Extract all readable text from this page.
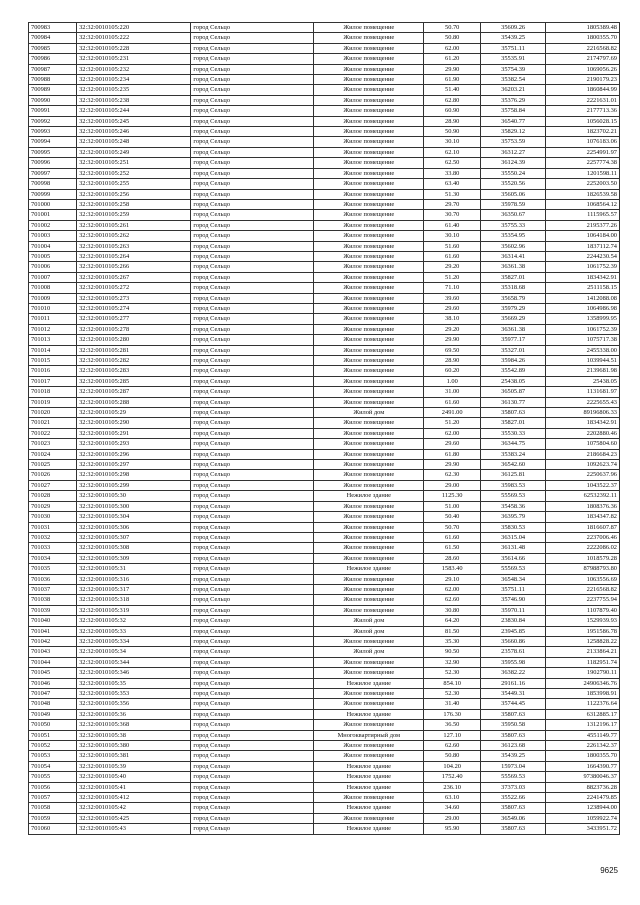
700983	32:32:0010105:220	город Сельцо	Жилое помещение	50.70	35609.26	1805389.48
700984	32:32:0010105:222	город Сельцо	Жилое помещение	50.80	35439.25	1800355.70
700985	32:32:0010105:228	город Сельцо	Жилое помещение	62.00	35751.11	2216568.82
700986	32:32:0010105:231	город Сельцо	Жилое помещение	61.20	35535.91	2174797.69
700987	32:32:0010105:232	город Сельцо	Жилое помещение	29.90	35754.39	1069056.26
700988	32:32:0010105:234	город Сельцо	Жилое помещение	61.90	35382.54	2190179.23
700989	32:32:0010105:235	город Сельцо	Жилое помещение	51.40	36203.21	1860844.99
700990	32:32:0010105:238	город Сельцо	Жилое помещение	62.80	35376.29	2221631.01
700991	32:32:0010105:244	город Сельцо	Жилое помещение	60.90	35758.84	2177713.36
700992	32:32:0010105:245	город Сельцо	Жилое помещение	28.90	36540.77	1056028.15
700993	32:32:0010105:246	город Сельцо	Жилое помещение	50.90	35829.12	1823702.21
700994	32:32:0010105:248	город Сельцо	Жилое помещение	30.10	35753.59	1076183.06
700995	32:32:0010105:249	город Сельцо	Жилое помещение	62.10	36312.27	2254991.97
700996	32:32:0010105:251	город Сельцо	Жилое помещение	62.50	36124.39	2257774.38
700997	32:32:0010105:252	город Сельцо	Жилое помещение	33.80	35550.24	1201598.11
700998	32:32:0010105:255	город Сельцо	Жилое помещение	63.40	35520.56	2252003.50
700999	32:32:0010105:256	город Сельцо	Жилое помещение	51.30	35605.06	1826539.58
701000	32:32:0010105:258	город Сельцо	Жилое помещение	29.70	35978.59	1068564.12
701001	32:32:0010105:259	город Сельцо	Жилое помещение	30.70	36350.67	1115965.57
701002	32:32:0010105:261	город Сельцо	Жилое помещение	61.40	35755.33	2195377.26
701003	32:32:0010105:262	город Сельцо	Жилое помещение	30.10	35354.95	1064184.00
701004	32:32:0010105:263	город Сельцо	Жилое помещение	51.60	35602.96	1837112.74
701005	32:32:0010105:264	город Сельцо	Жилое помещение	61.60	36314.41	2244230.54
701006	32:32:0010105:266	город Сельцо	Жилое помещение	29.20	36361.38	1061752.39
701007	32:32:0010105:267	город Сельцо	Жилое помещение	51.20	35827.01	1834342.91
701008	32:32:0010105:272	город Сельцо	Жилое помещение	71.10	35318.68	2511158.15
701009	32:32:0010105:273	город Сельцо	Жилое помещение	39.60	35658.79	1412088.08
701010	32:32:0010105:274	город Сельцо	Жилое помещение	29.60	35979.29	1064986.98
701011	32:32:0010105:277	город Сельцо	Жилое помещение	38.10	35669.29	1358999.95
701012	32:32:0010105:278	город Сельцо	Жилое помещение	29.20	36361.38	1061752.39
701013	32:32:0010105:280	город Сельцо	Жилое помещение	29.90	35977.17	1075717.38
701014	32:32:0010105:281	город Сельцо	Жилое помещение	69.50	35327.01	2455338.00
701015	32:32:0010105:282	город Сельцо	Жилое помещение	28.90	35984.26	1039944.51
701016	32:32:0010105:283	город Сельцо	Жилое помещение	60.20	35542.89	2139681.98
701017	32:32:0010105:285	город Сельцо	Жилое помещение	1.00	25438.05	25438.05
701018	32:32:0010105:287	город Сельцо	Жилое помещение	31.00	36505.87	1131681.97
701019	32:32:0010105:288	город Сельцо	Жилое помещение	61.60	36130.77	2225655.43
701020	32:32:0010105:29	город Сельцо	Жилой дом	2491.00	35807.63	89196806.33
701021	32:32:0010105:290	город Сельцо	Жилое помещение	51.20	35827.01	1834342.91
701022	32:32:0010105:291	город Сельцо	Жилое помещение	62.00	35530.33	2202880.46
701023	32:32:0010105:293	город Сельцо	Жилое помещение	29.60	36344.75	1075804.60
701024	32:32:0010105:296	город Сельцо	Жилое помещение	61.80	35383.24	2186684.23
701025	32:32:0010105:297	город Сельцо	Жилое помещение	29.90	36542.60	1092623.74
701026	32:32:0010105:298	город Сельцо	Жилое помещение	62.30	36125.81	2250637.96
701027	32:32:0010105:299	город Сельцо	Жилое помещение	29.00	35983.53	1043522.37
701028	32:32:0010105:30	город Сельцо	Нежилое здание	1125.30	55569.53	62532392.11
701029	32:32:0010105:300	город Сельцо	Жилое помещение	51.00	35458.36	1808376.36
701030	32:32:0010105:304	город Сельцо	Жилое помещение	50.40	36395.79	1834347.82
701031	32:32:0010105:306	город Сельцо	Жилое помещение	50.70	35830.53	1816607.87
701032	32:32:0010105:307	город Сельцо	Жилое помещение	61.60	36315.04	2237006.46
701033	32:32:0010105:308	город Сельцо	Жилое помещение	61.50	36131.48	2222086.02
701034	32:32:0010105:309	город Сельцо	Жилое помещение	28.60	35614.66	1018579.28
701035	32:32:0010105:31	город Сельцо	Нежилое здание	1583.40	55569.53	87988793.80
701036	32:32:0010105:316	город Сельцо	Жилое помещение	29.10	36548.34	1063556.69
701037	32:32:0010105:317	город Сельцо	Жилое помещение	62.00	35751.11	2216568.82
701038	32:32:0010105:318	город Сельцо	Жилое помещение	62.60	35746.90	2237755.94
701039	32:32:0010105:319	город Сельцо	Жилое помещение	30.80	35970.11	1107879.40
701040	32:32:0010105:32	город Сельцо	Жилой дом	64.20	23830.84	1529939.93
701041	32:32:0010105:33	город Сельцо	Жилой дом	81.50	23945.85	1951586.78
701042	32:32:0010105:334	город Сельцо	Жилое помещение	35.30	35660.86	1258828.22
701043	32:32:0010105:34	город Сельцо	Жилой дом	90.50	23578.61	2133864.21
701044	32:32:0010105:344	город Сельцо	Жилое помещение	32.90	35955.98	1182951.74
701045	32:32:0010105:346	город Сельцо	Жилое помещение	52.30	36382.22	1902790.11
701046	32:32:0010105:35	город Сельцо	Нежилое здание	854.10	29161.16	24906346.76
701047	32:32:0010105:353	город Сельцо	Жилое помещение	52.30	35449.31	1853998.91
701048	32:32:0010105:356	город Сельцо	Жилое помещение	31.40	35744.45	1122376.64
701049	32:32:0010105:36	город Сельцо	Нежилое здание	176.30	35807.63	6312885.17
701050	32:32:0010105:368	город Сельцо	Жилое помещение	36.50	35950.58	1312196.17
701051	32:32:0010105:38	город Сельцо	Многоквартирный дом	127.10	35807.63	4551149.77
701052	32:32:0010105:380	город Сельцо	Жилое помещение	62.60	36123.68	2261342.37
701053	32:32:0010105:381	город Сельцо	Жилое помещение	50.80	35439.25	1800355.70
701054	32:32:0010105:39	город Сельцо	Нежилое здание	104.20	15973.04	1664390.77
701055	32:32:0010105:40	город Сельцо	Нежилое здание	1752.40	55569.53	97380046.37
701056	32:32:0010105:41	город Сельцо	Нежилое здание	236.10	37373.03	8823736.28
701057	32:32:0010105:412	город Сельцо	Жилое помещение	63.10	35522.66	2241479.85
701058	32:32:0010105:42	город Сельцо	Нежилое здание	34.60	35807.63	1238944.00
701059	32:32:0010105:425	город Сельцо	Жилое помещение	29.00	36549.06	1059922.74
701060	32:32:0010105:43	город Сельцо	Нежилое здание	95.90	35807.63	3433951.72
9625
